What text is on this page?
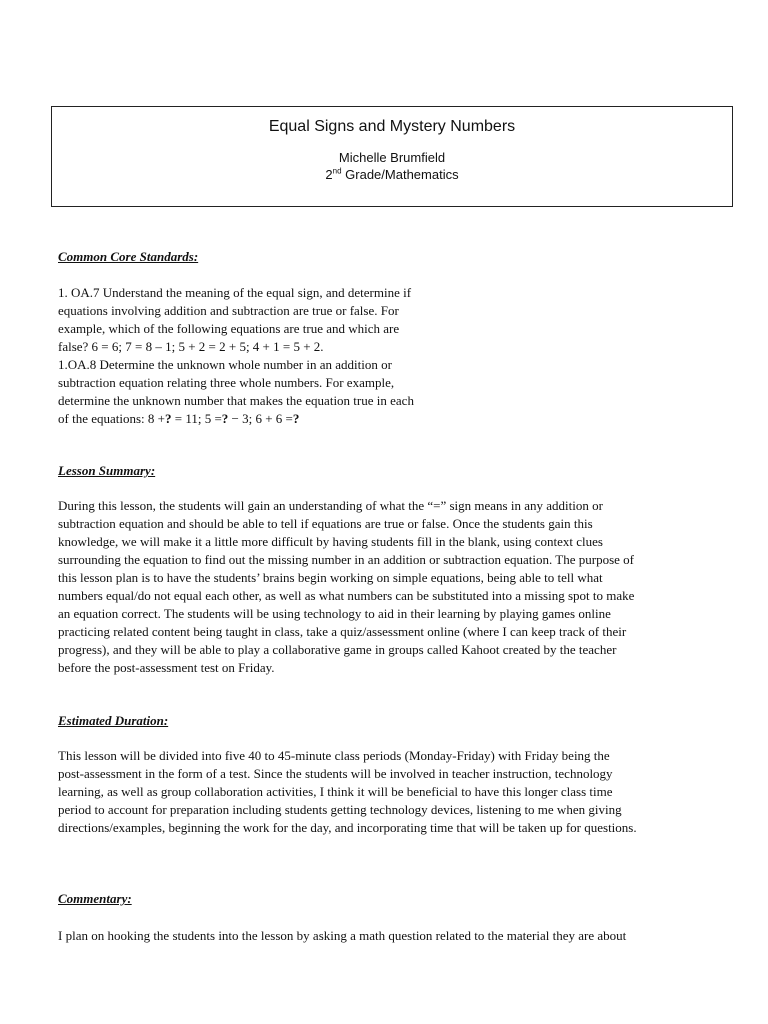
Equal Signs and Mystery Numbers
Michelle Brumfield
2nd Grade/Mathematics
Common Core Standards:
1. OA.7 Understand the meaning of the equal sign, and determine if
equations involving addition and subtraction are true or false. For
example, which of the following equations are true and which are
false? 6 = 6; 7 = 8 – 1; 5 + 2 = 2 + 5; 4 + 1 = 5 + 2.
1.OA.8 Determine the unknown whole number in an addition or
subtraction equation relating three whole numbers. For example,
determine the unknown number that makes the equation true in each
of the equations: 8 +? = 11; 5 =? − 3; 6 + 6 =?
Lesson Summary:
During this lesson, the students will gain an understanding of what the “=” sign means in any addition or
subtraction equation and should be able to tell if equations are true or false. Once the students gain this
knowledge, we will make it a little more difficult by having students fill in the blank, using context clues
surrounding the equation to find out the missing number in an addition or subtraction equation. The purpose of
this lesson plan is to have the students’ brains begin working on simple equations, being able to tell what
numbers equal/do not equal each other, as well as what numbers can be substituted into a missing spot to make
an equation correct. The students will be using technology to aid in their learning by playing games online
practicing related content being taught in class, take a quiz/assessment online (where I can keep track of their
progress), and they will be able to play a collaborative game in groups called Kahoot created by the teacher
before the post-assessment test on Friday.
Estimated Duration:
This lesson will be divided into five 40 to 45-minute class periods (Monday-Friday) with Friday being the
post-assessment in the form of a test. Since the students will be involved in teacher instruction, technology
learning, as well as group collaboration activities, I think it will be beneficial to have this longer class time
period to account for preparation including students getting technology devices, listening to me when giving
directions/examples, beginning the work for the day, and incorporating time that will be taken up for questions.
Commentary:
I plan on hooking the students into the lesson by asking a math question related to the material they are about
